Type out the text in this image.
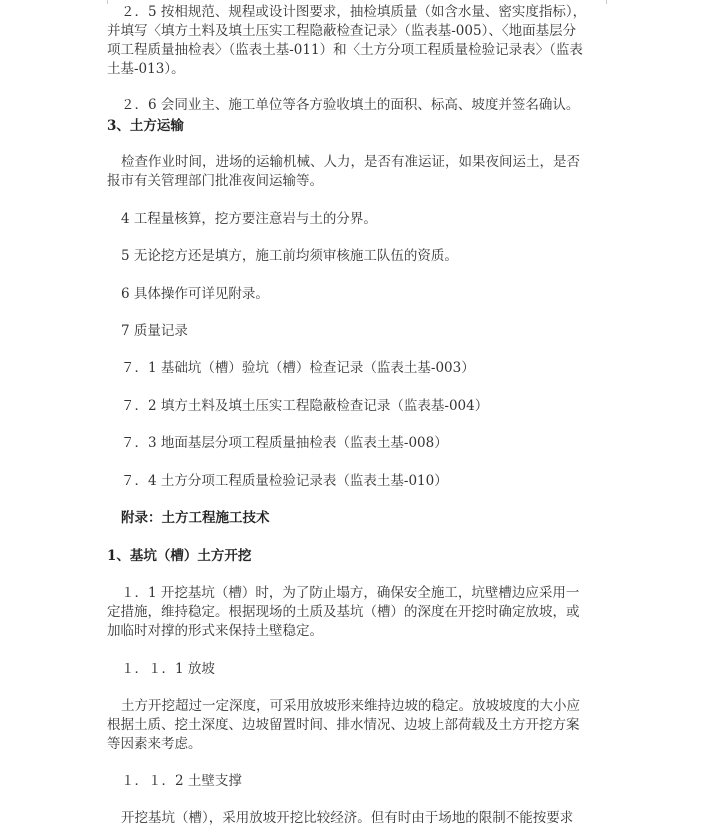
２．5 按相规范、规程或设计图要求，抽检填质量（如含水量、密实度指标），
并填写〈填方土料及填土压实工程隐蔽检查记录〉（监表基-005）、〈地面基层分
项工程质量抽检表〉（监表土基-011）和〈土方分项工程质量检验记录表〉（监表
土基-013）。
２．6 会同业主、施工单位等各方验收填土的面积、标高、坡度并签名确认。
3、土方运输
检查作业时间，进场的运输机械、人力，是否有准运证，如果夜间运土，是否
报市有关管理部门批准夜间运输等。
4 工程量核算，挖方要注意岩与土的分界。
5 无论挖方还是填方，施工前均须审核施工队伍的资质。
6 具体操作可详见附录。
7 质量记录
７．1 基础坑（槽）验坑（槽）检查记录（监表土基-003）
７．2 填方土料及填土压实工程隐蔽检查记录（监表基-004）
７．3 地面基层分项工程质量抽检表（监表土基-008）
７．4 土方分项工程质量检验记录表（监表土基-010）
附录：土方工程施工技术
1、基坑（槽）土方开挖
１．1 开挖基坑（槽）时，为了防止塌方，确保安全施工，坑壁槽边应采用一
定措施，维持稳定。根据现场的土质及基坑（槽）的深度在开挖时确定放坡，或
加临时对撑的形式来保持土壁稳定。
１．１．1 放坡
土方开挖超过一定深度，可采用放坡形来维持边坡的稳定。放坡坡度的大小应
根据土质、挖土深度、边坡留置时间、排水情况、边坡上部荷载及土方开挖方案
等因素来考虑。
１．１．2 土壁支撑
开挖基坑（槽），采用放坡开挖比较经济。但有时由于场地的限制不能按要求
